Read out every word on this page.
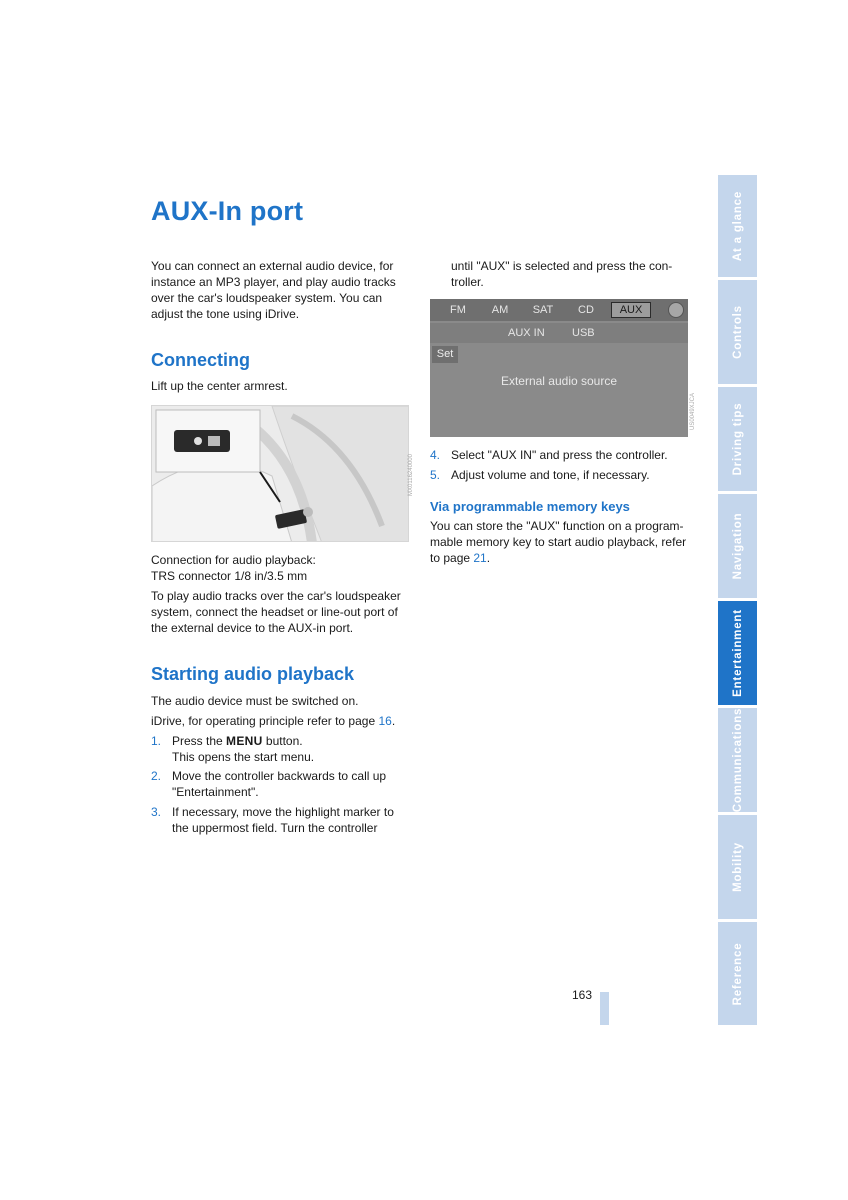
AUX-In port
You can connect an external audio device, for
instance an MP3 player, and play audio tracks
over the car's loudspeaker system. You can
adjust the tone using iDrive.
Connecting
Lift up the center armrest.
MX0116240000
Connection for audio playback:
TRS connector 1/8 in/3.5 mm
To play audio tracks over the car's loudspeaker
system, connect the headset or line-out port of
the external device to the AUX-in port.
Starting audio playback
The audio device must be switched on.
iDrive, for operating principle refer to page 16.
1. Press the MENU button.
This opens the start menu.
2. Move the controller backwards to call up
"Entertainment".
3. If necessary, move the highlight marker to
the uppermost field. Turn the controller
until "AUX" is selected and press the con-
troller.
FM	AM	SAT	CD	AUX
AUX IN USB
Set
External audio source
US0049XJCA
4. Select "AUX IN" and press the controller.
5. Adjust volume and tone, if necessary.
Via programmable memory keys
You can store the "AUX" function on a program-
mable memory key to start audio playback, refer
to page 21.
At a glance
Controls
Driving tips
Navigation
Entertainment
Communications
Mobility
Reference
163
